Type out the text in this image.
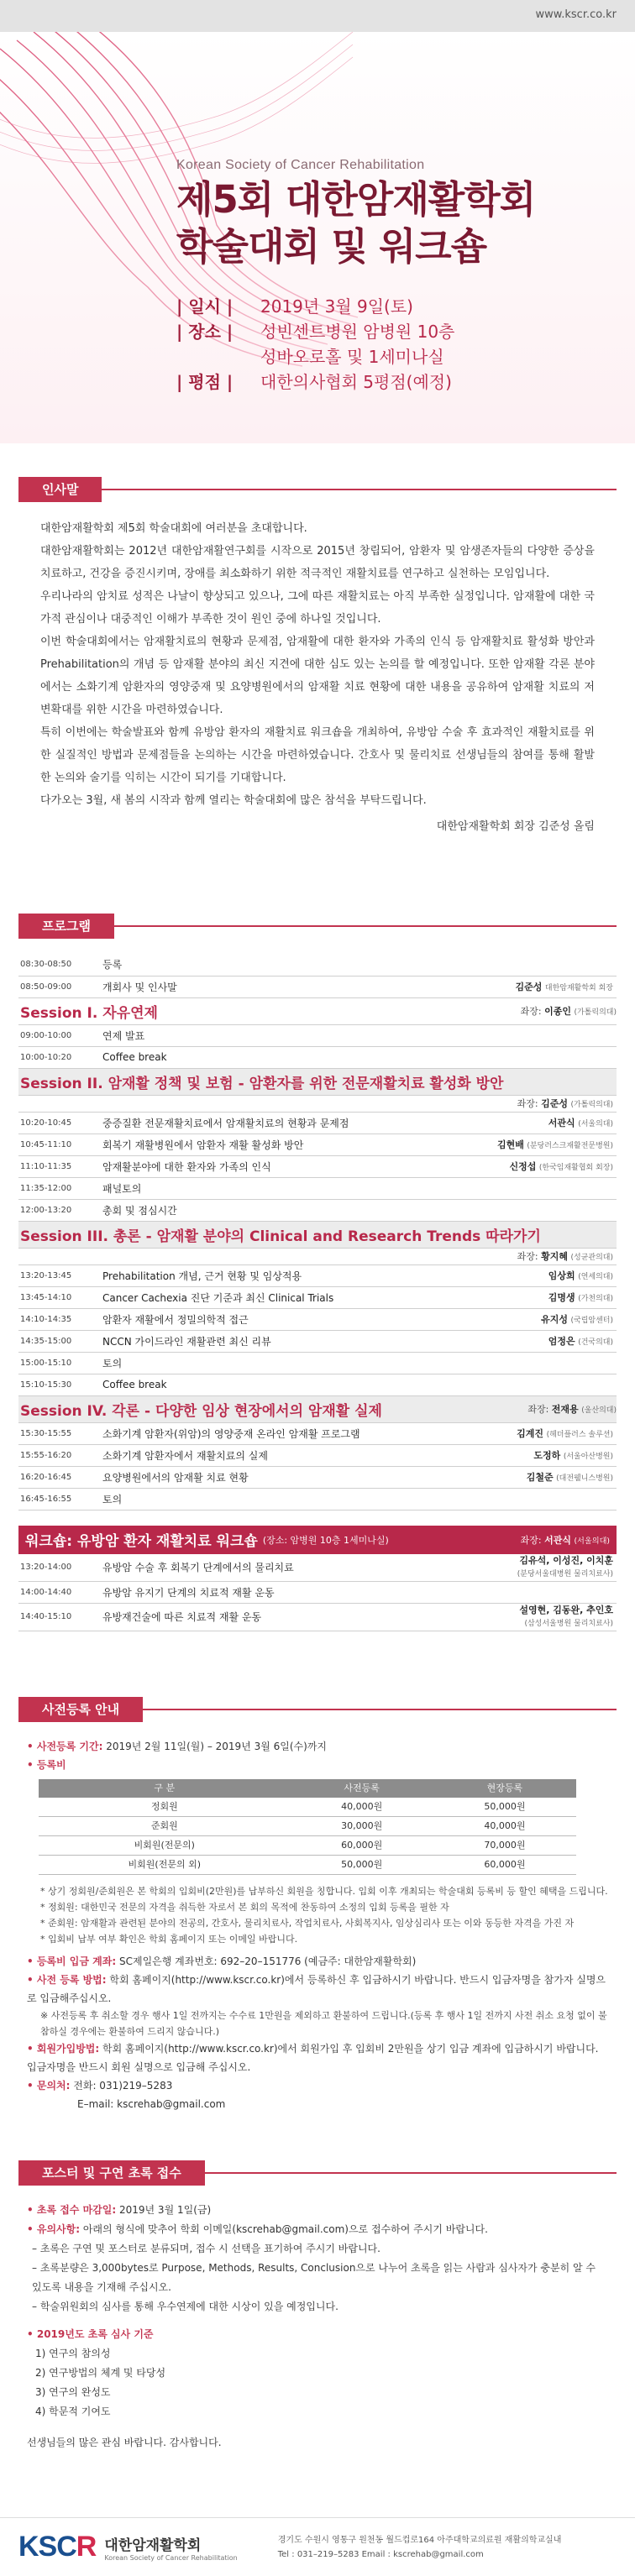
www.kscr.co.kr
Korean Society of Cancer Rehabilitation
제5회 대한암재활학회
학술대회 및 워크숍
| 일시 |	2019년 3월 9일(토)
| 장소 |	성빈센트병원 암병원 10층
성바오로홀 및 1세미나실
| 평점 |	대한의사협회 5평점(예정)
인사말

대한암재활학회 제5회 학술대회에 여러분을 초대합니다.

대한암재활학회는 2012년 대한암재활연구회를 시작으로 2015년 창립되어, 암환자 및 암생존자들의 다양한 증상을 치료하고, 건강을 증진시키며, 장애를 최소화하기 위한 적극적인 재활치료를 연구하고 실천하는 모임입니다.

우리나라의 암치료 성적은 나날이 향상되고 있으나, 그에 따른 재활치료는 아직 부족한 실정입니다. 암재활에 대한 국가적 관심이나 대중적인 이해가 부족한 것이 원인 중에 하나일 것입니다.

이번 학술대회에서는 암재활치료의 현황과 문제점, 암재활에 대한 환자와 가족의 인식 등 암재활치료 활성화 방안과 Prehabilitation의 개념 등 암재활 분야의 최신 지견에 대한 심도 있는 논의를 할 예정입니다. 또한 암재활 각론 분야에서는 소화기계 암환자의 영양중재 및 요양병원에서의 암재활 치료 현황에 대한 내용을 공유하여 암재활 치료의 저변확대를 위한 시간을 마련하였습니다.

특히 이번에는 학술발표와 함께 유방암 환자의 재활치료 워크숍을 개최하여, 유방암 수술 후 효과적인 재활치료를 위한 실질적인 방법과 문제점들을 논의하는 시간을 마련하였습니다. 간호사 및 물리치료 선생님들의 참여를 통해 활발한 논의와 술기를 익히는 시간이 되기를 기대합니다.

다가오는 3월, 새 봄의 시작과 함께 열리는 학술대회에 많은 참석을 부탁드립니다.

대한암재활학회 회장 김준성 올림

프로그램
08:30-08:50	등록	
08:50-09:00	개회사 및 인사말	김준성 대한암재활학회 회장

좌장: 이종인 (가톨릭의대)
Session I. 자유연제		
09:00-10:00	연제 발표	
10:00-10:20	Coffee break	
Session II. 암재활 정책 및 보험 - 암환자를 위한 전문재활치료 활성화 방안		
좌장: 김준성 (가톨릭의대)		
10:20-10:45	중증질환 전문재활치료에서 암재활치료의 현황과 문제점	서관식 (서울의대)
10:45-11:10	회복기 재활병원에서 암환자 재활 활성화 방안	김현배 (분당러스크재활전문병원)
11:10-11:35	암재활분야에 대한 환자와 가족의 인식	신정섭 (한국임재활협회 회장)
11:35-12:00	패널토의	
12:00-13:20	총회 및 점심시간	
Session III. 총론 - 암재활 분야의 Clinical and Research Trends 따라가기		
좌장: 황지혜 (성균관의대)		
13:20-13:45	Prehabilitation 개념, 근거 현황 및 임상적용	임상희 (연세의대)
13:45-14:10	Cancer Cachexia 진단 기준과 최신 Clinical Trials	김명생 (가천의대)
14:10-14:35	암환자 재활에서 정밀의학적 접근	유지성 (국립암센터)
14:35-15:00	NCCN 가이드라인 재활관련 최신 리뷰	엄정은 (건국의대)
15:00-15:10	토의	
15:10-15:30	Coffee break	

좌장: 전재용 (울산의대)
Session IV. 각론 - 다양한 임상 현장에서의 암재활 실제		
15:30-15:55	소화기계 암환자(위암)의 영양중재 온라인 암재활 프로그램	김계진 (헤더플러스 솔루션)
15:55-16:20	소화기계 암환자에서 재활치료의 실제	도정하 (서울아산병원)
16:20-16:45	요양병원에서의 암재활 치료 현황	김철준 (대전웰니스병원)
16:45-16:55	토의	
워크숍: 유방암 환자 재활치료 워크숍 (장소: 암병원 10층 1세미나실)	좌장: 서관식 (서울의대)
13:20-14:00	유방암 수술 후 회복기 단계에서의 물리치료	김유석, 이성진, 이치훈
(분당서울대병원 물리치료사)
14:00-14:40	유방암 유지기 단계의 치료적 재활 운동	
14:40-15:10	유방재건술에 따른 치료적 재활 운동	설영현, 김동완, 추인호
(삼성서울병원 물리치료사)
사전등록 안내
• 사전등록 기간: 2019년 2월 11일(월) – 2019년 3월 6일(수)까지
• 등록비
구 분	사전등록	현장등록
정회원	40,000원	50,000원
준회원	30,000원	40,000원
비회원(전문의)	60,000원	70,000원
비회원(전문의 외)	50,000원	60,000원
* 상기 정회원/준회원은 본 학회의 입회비(2만원)를 납부하신 회원을 칭합니다. 입회 이후 개최되는 학술대회 등록비 등 할인 혜택을 드립니다.
* 정회원: 대한민국 전문의 자격을 취득한 자로서 본 회의 목적에 찬동하여 소정의 입회 등록을 필한 자
* 준회원: 암재활과 관련된 분야의 전공의, 간호사, 물리치료사, 작업치료사, 사회복지사, 임상심리사 또는 이와 동등한 자격을 가진 자
* 입회비 납부 여부 확인은 학회 홈페이지 또는 이메일 바랍니다.
• 등록비 입금 계좌: SC제일은행 계좌번호: 692–20–151776 (예금주: 대한암재활학회)
• 사전 등록 방법: 학회 홈페이지(http://www.kscr.co.kr)에서 등록하신 후 입금하시기 바랍니다. 반드시 입금자명을 참가자 실명으로 입금해주십시오.
※ 사전등록 후 취소할 경우 행사 1일 전까지는 수수료 1만원을 제외하고 환불하여 드립니다.(등록 후 행사 1일 전까지 사전 취소 요청 없이 불참하실 경우에는 환불하여 드리지 않습니다.)
• 회원가입방법: 학회 홈페이지(http://www.kscr.co.kr)에서 회원가입 후 입회비 2만원을 상기 입금 계좌에 입금하시기 바랍니다. 입금자명을 반드시 회원 실명으로 입금해 주십시오.
• 문의처: 전화: 031)219–5283
E–mail: kscrehab@gmail.com
포스터 및 구연 초록 접수
• 초록 접수 마감일: 2019년 3월 1일(금)
• 유의사항: 아래의 형식에 맞추어 학회 이메일(kscrehab@gmail.com)으로 접수하여 주시기 바랍니다.
– 초록은 구연 및 포스터로 분류되며, 접수 시 선택을 표기하여 주시기 바랍니다.
– 초록분량은 3,000bytes로 Purpose, Methods, Results, Conclusion으로 나누어 초록을 읽는 사람과 심사자가 충분히 알 수 있도록 내용을 기재해 주십시오.
– 학술위원회의 심사를 통해 우수연제에 대한 시상이 있을 예정입니다.
• 2019년도 초록 심사 기준
1) 연구의 참의성
2) 연구방법의 체계 및 타당성
3) 연구의 완성도
4) 학문적 기여도
선생님들의 많은 관심 바랍니다. 감사합니다.
KSCR 대한암재활학회
Korean Society of Cancer Rehabilitation
경기도 수원시 영통구 원천동 월드컵로164 아주대학교의료원 재활의학교실내
Tel : 031–219–5283 Email : kscrehab@gmail.com
